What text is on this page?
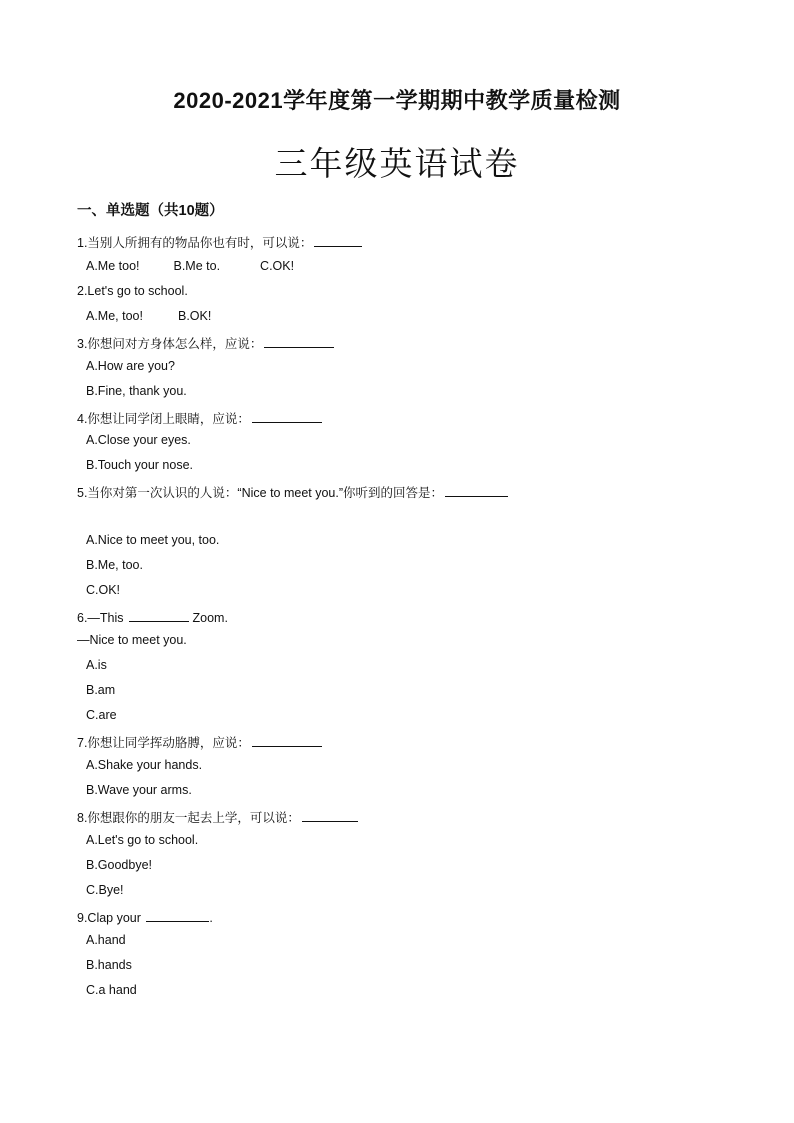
2020-2021学年度第一学期期中教学质量检测
三年级英语试卷
一、单选题（共10题）
1.当别人所拥有的物品你也有时，可以说：
A.Me too!	B.Me to.	C.OK!
2.Let's go to school.
A.Me, too!	B.OK!
3.你想问对方身体怎么样，应说：
A.How are you?
B.Fine, thank you.
4.你想让同学闭上眼睛，应说：
A.Close your eyes.
B.Touch your nose.
5.当你对第一次认识的人说：“Nice to meet you.”你听到的回答是：
A.Nice to meet you, too.
B.Me, too.
C.OK!
6.—This	Zoom.
—Nice to meet you.
A.is
B.am
C.are
7.你想让同学挥动胳膊，应说：
A.Shake your hands.
B.Wave your arms.
8.你想跟你的朋友一起去上学，可以说：
A.Let's go to school.
B.Goodbye!
C.Bye!
9.Clap your	.
A.hand
B.hands
C.a hand
